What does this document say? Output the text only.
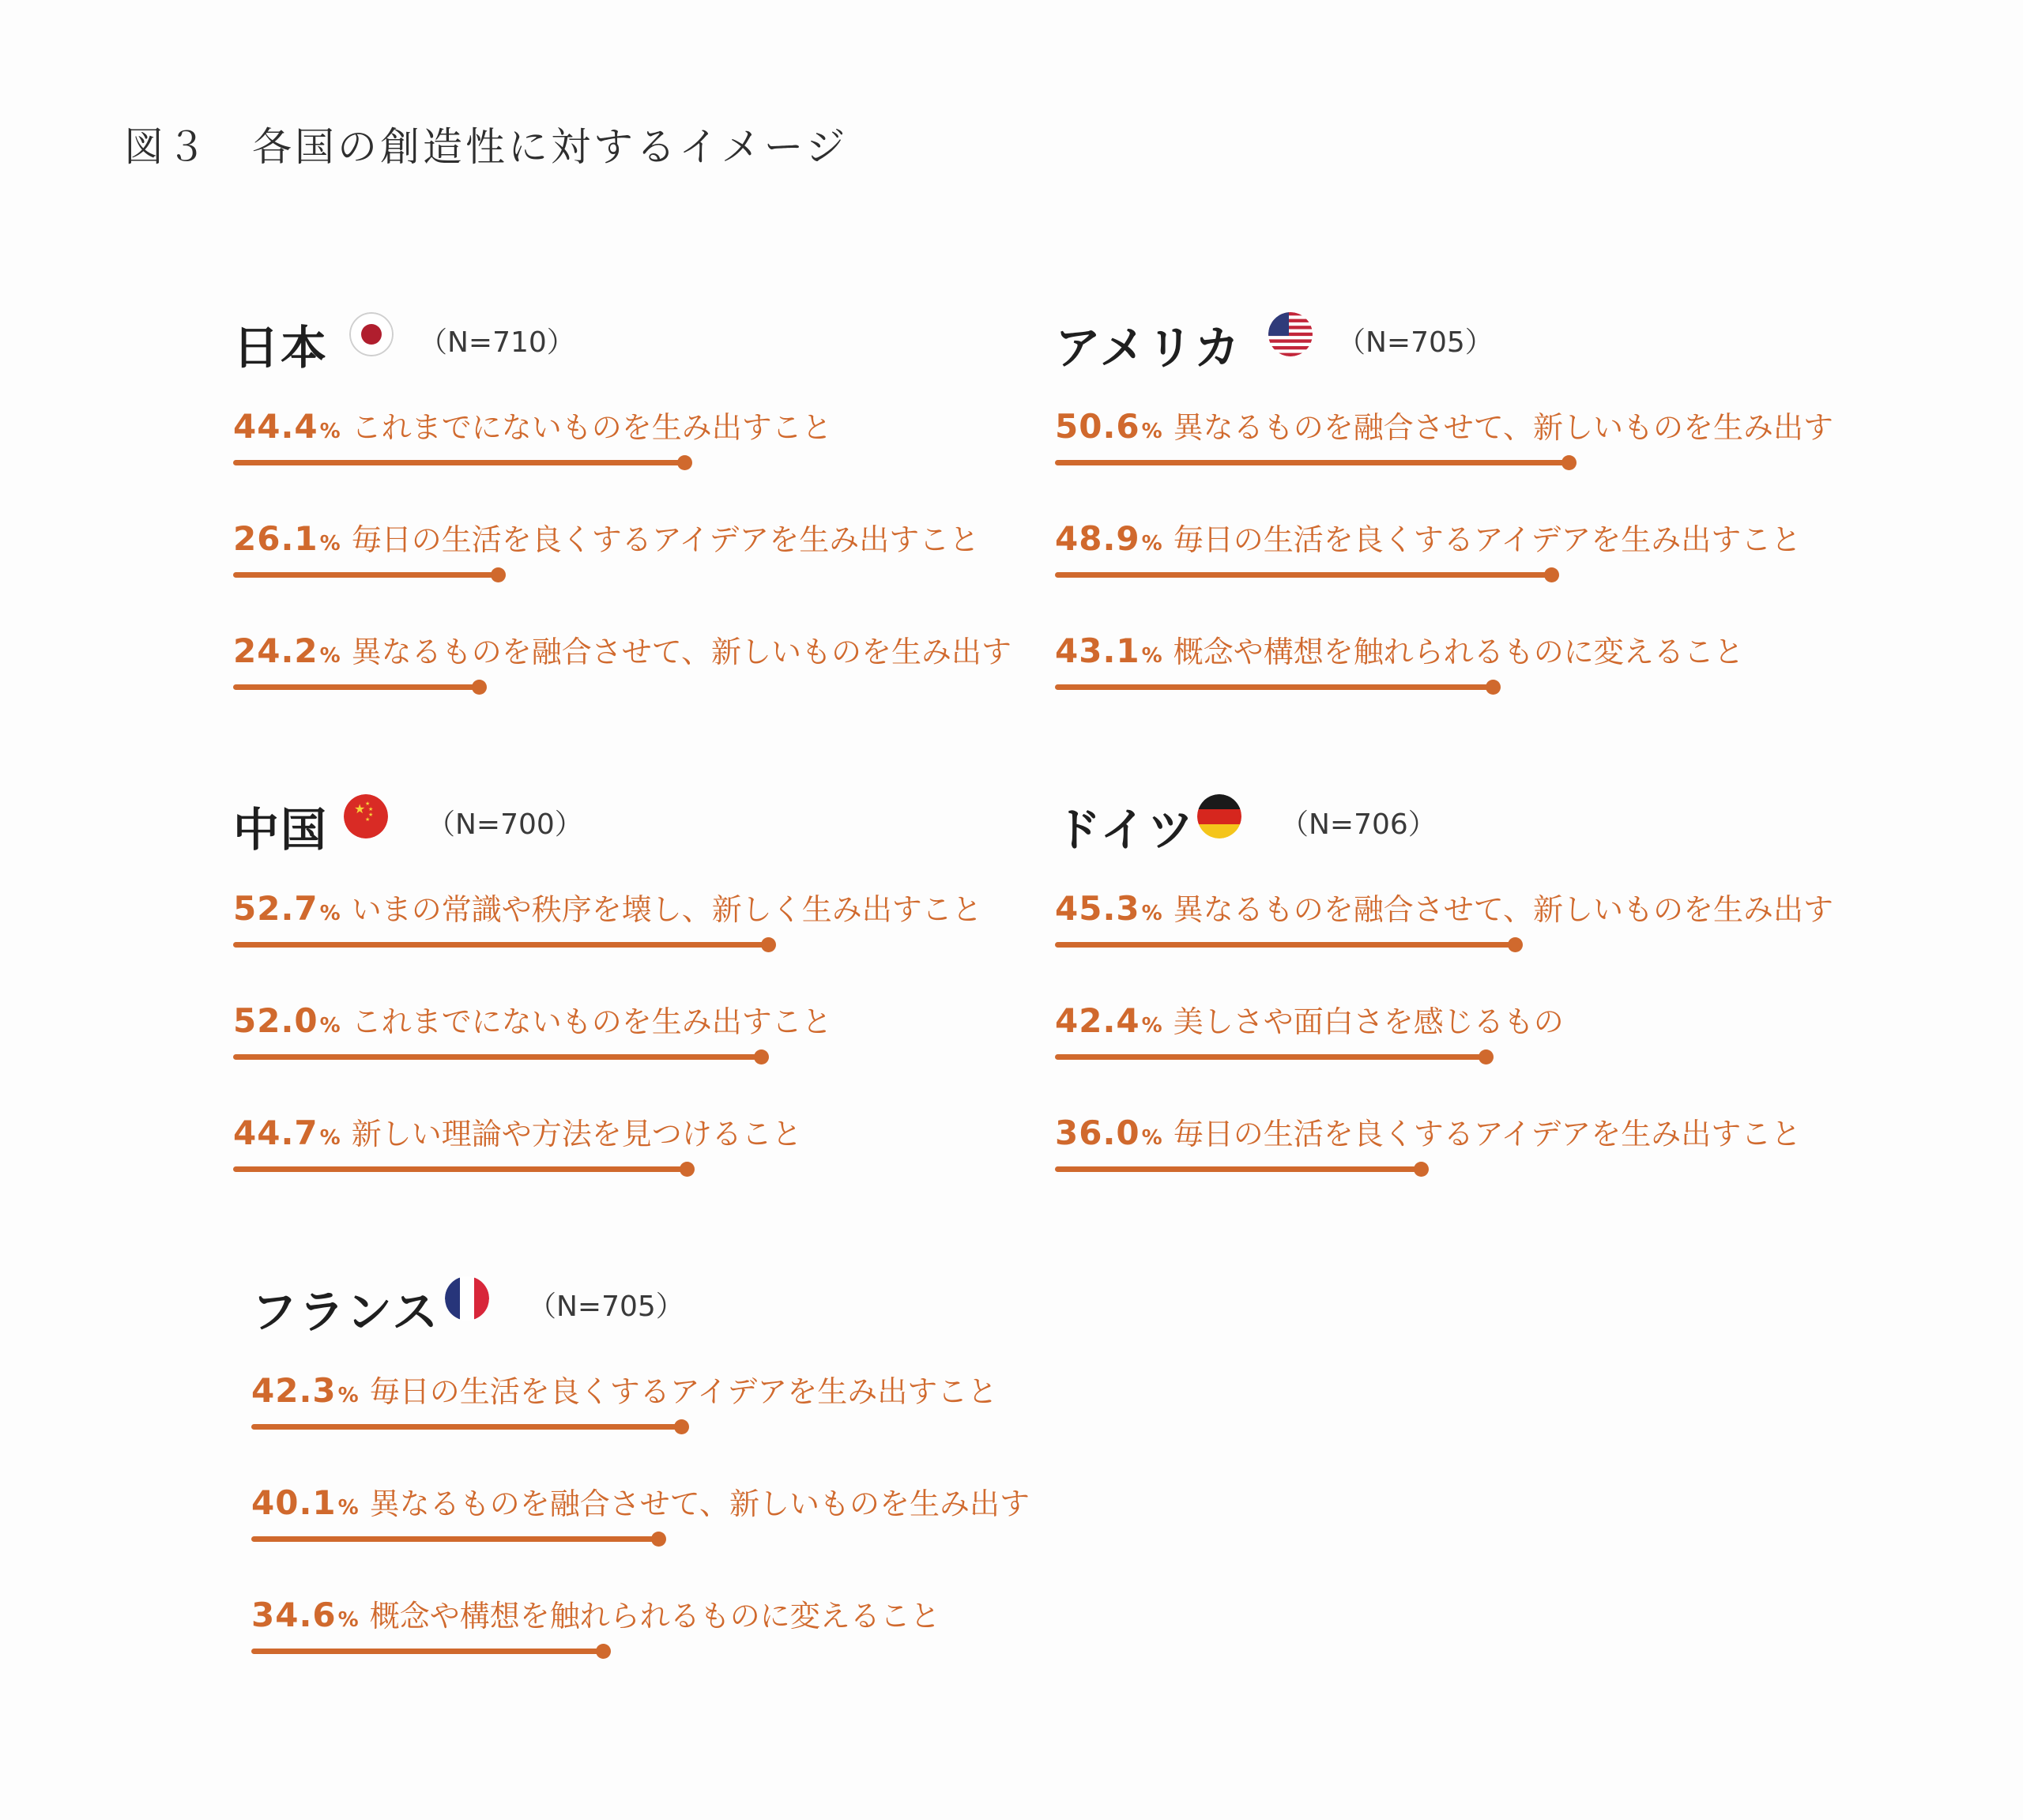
図３　各国の創造性に対するイメージ
日本	（N=710）
44.4% これまでにないものを生み出すこと
26.1% 毎日の生活を良くするアイデアを生み出すこと
24.2% 異なるものを融合させて、新しいものを生み出す
アメリカ	（N=705）
50.6% 異なるものを融合させて、新しいものを生み出す
48.9% 毎日の生活を良くするアイデアを生み出すこと
43.1% 概念や構想を触れられるものに変えること
中国 ★ ★
★
★
★ （N=700）
52.7% いまの常識や秩序を壊し、新しく生み出すこと
52.0% これまでにないものを生み出すこと
44.7% 新しい理論や方法を見つけること
ドイツ	（N=706）
45.3% 異なるものを融合させて、新しいものを生み出す
42.4% 美しさや面白さを感じるもの
36.0% 毎日の生活を良くするアイデアを生み出すこと
フランス	（N=705）
42.3% 毎日の生活を良くするアイデアを生み出すこと
40.1% 異なるものを融合させて、新しいものを生み出す
34.6% 概念や構想を触れられるものに変えること
